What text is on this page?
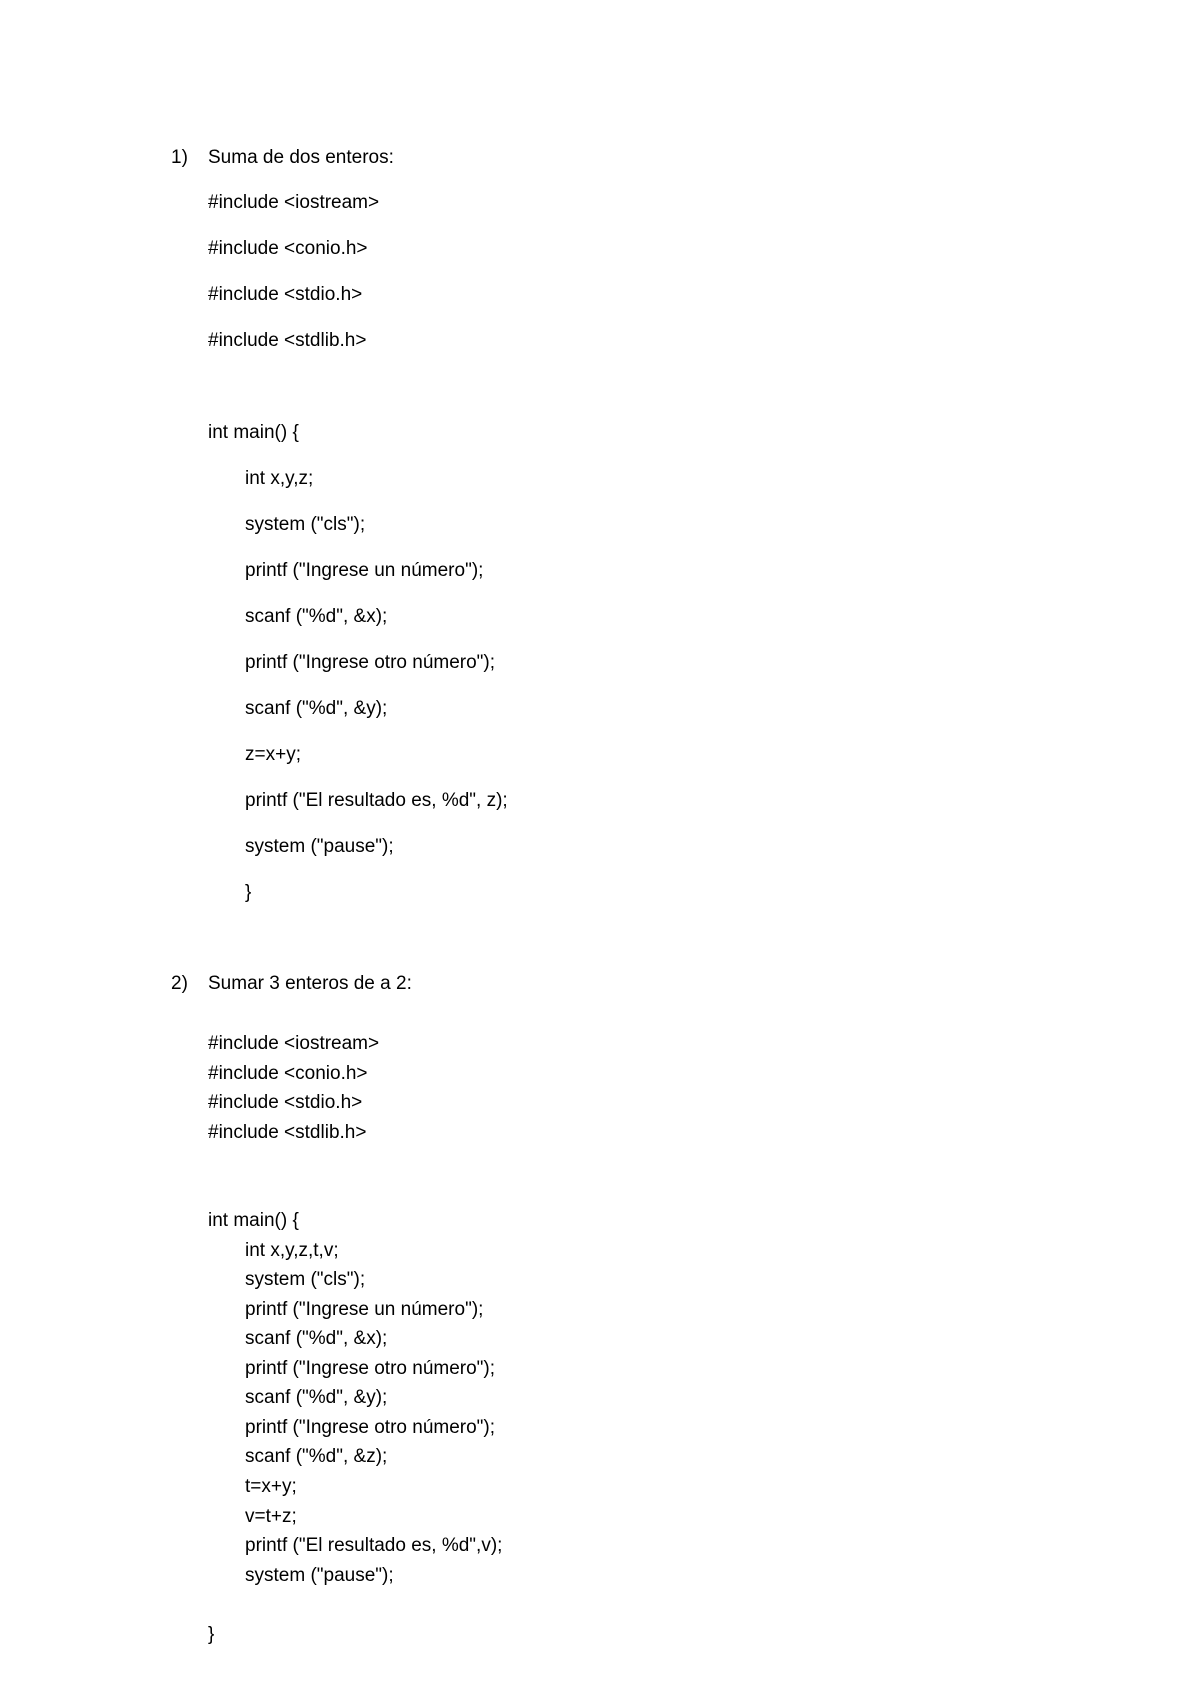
1) Suma de dos enteros:
#include <iostream>
#include <conio.h>
#include <stdio.h>
#include <stdlib.h>
int main() {
int x,y,z;
system ("cls");
printf ("Ingrese un número");
scanf ("%d", &x);
printf ("Ingrese otro número");
scanf ("%d", &y);
z=x+y;
printf ("El resultado es, %d", z);
system ("pause");
}
2) Sumar 3 enteros de a 2:
#include <iostream>
#include <conio.h>
#include <stdio.h>
#include <stdlib.h>
int main() {
int x,y,z,t,v;
system ("cls");
printf ("Ingrese un número");
scanf ("%d", &x);
printf ("Ingrese otro número");
scanf ("%d", &y);
printf ("Ingrese otro número");
scanf ("%d", &z);
t=x+y;
v=t+z;
printf ("El resultado es, %d",v);
system ("pause");
}
